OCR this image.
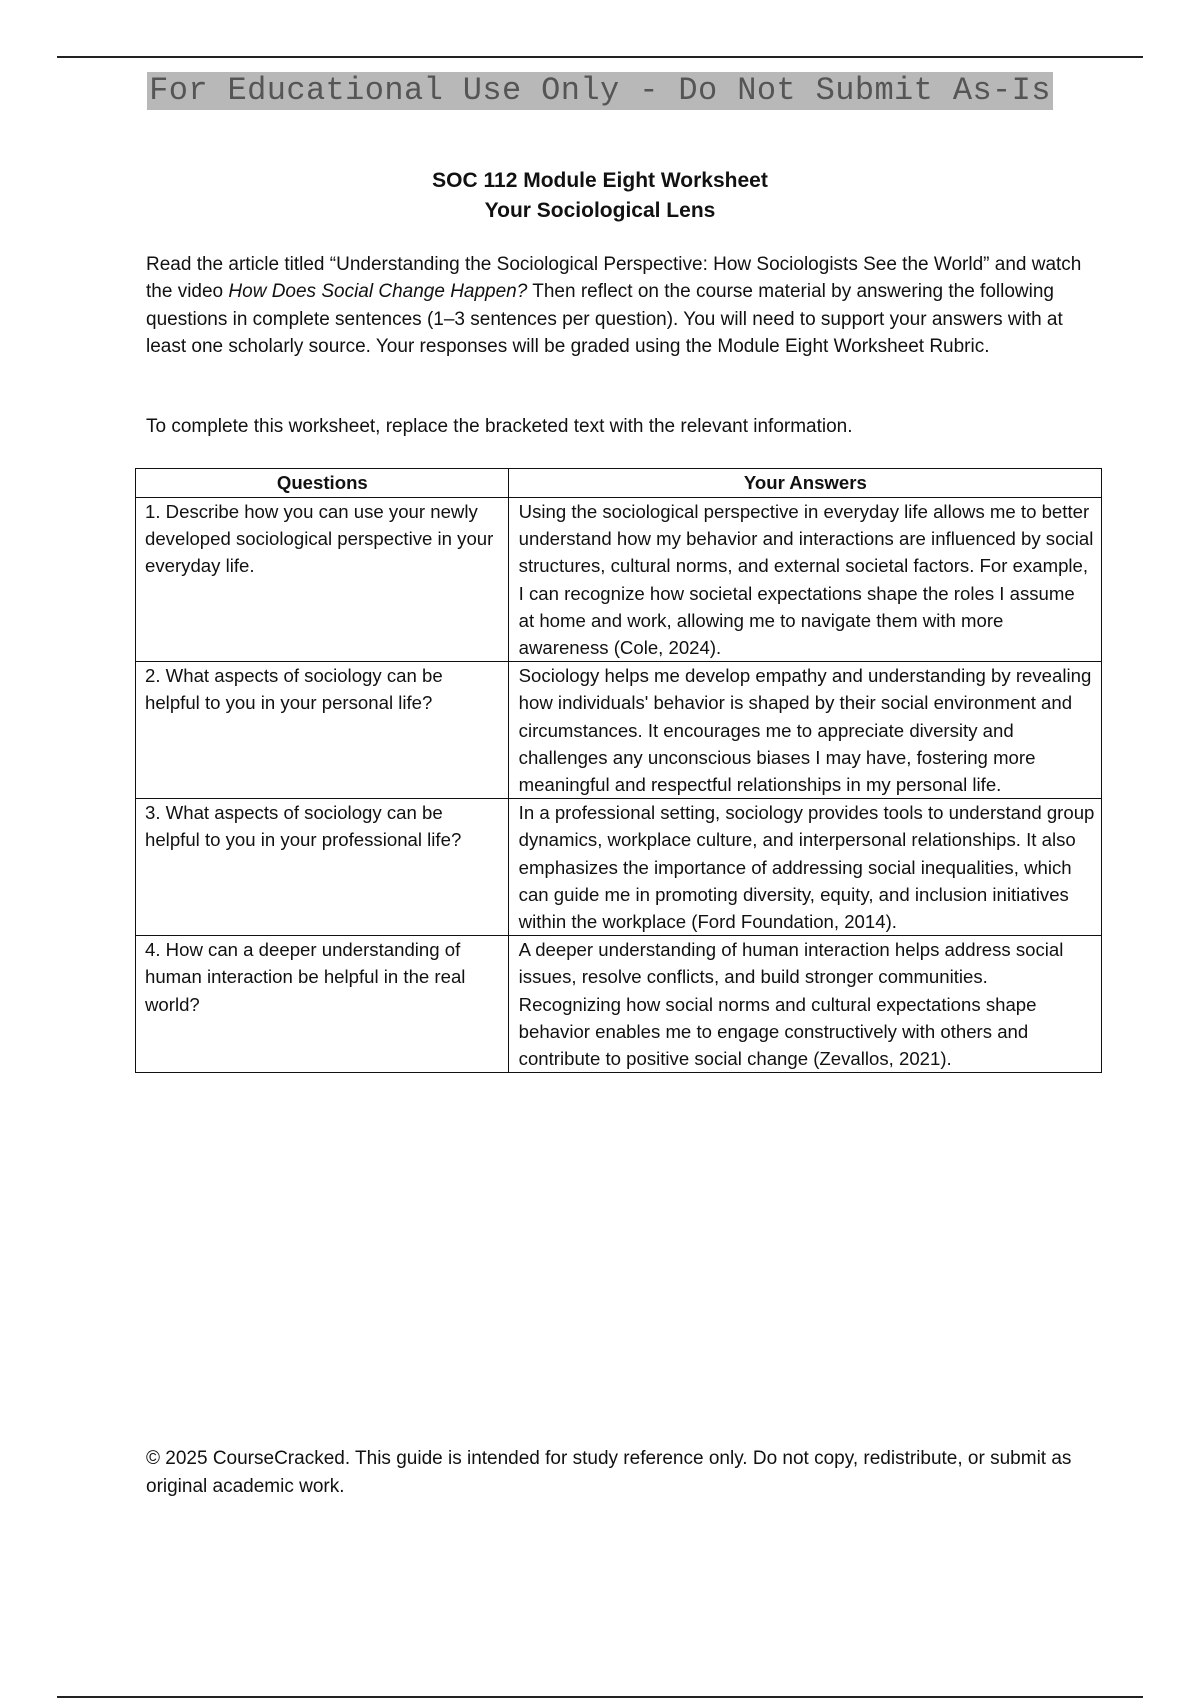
For Educational Use Only - Do Not Submit As-Is
SOC 112 Module Eight Worksheet
Your Sociological Lens

Read the article titled “Understanding the Sociological Perspective: How Sociologists See the World” and watch the video How Does Social Change Happen? Then reflect on the course material by answering the following questions in complete sentences (1–3 sentences per question). You will need to support your answers with at least one scholarly source. Your responses will be graded using the Module Eight Worksheet Rubric.

To complete this worksheet, replace the bracketed text with the relevant information.

Questions	Your Answers
1. Describe how you can use your newly developed sociological perspective in your everyday life.	Using the sociological perspective in everyday life allows me to better understand how my behavior and interactions are influenced by social structures, cultural norms, and external societal factors. For example, I can recognize how societal expectations shape the roles I assume at home and work, allowing me to navigate them with more awareness (Cole, 2024).
2. What aspects of sociology can be helpful to you in your personal life?	Sociology helps me develop empathy and understanding by revealing how individuals' behavior is shaped by their social environment and circumstances. It encourages me to appreciate diversity and challenges any unconscious biases I may have, fostering more meaningful and respectful relationships in my personal life.
3. What aspects of sociology can be helpful to you in your professional life?	In a professional setting, sociology provides tools to understand group dynamics, workplace culture, and interpersonal relationships. It also emphasizes the importance of addressing social inequalities, which can guide me in promoting diversity, equity, and inclusion initiatives within the workplace (Ford Foundation, 2014).
4. How can a deeper understanding of human interaction be helpful in the real world?	A deeper understanding of human interaction helps address social issues, resolve conflicts, and build stronger communities. Recognizing how social norms and cultural expectations shape behavior enables me to engage constructively with others and contribute to positive social change (Zevallos, 2021).

© 2025 CourseCracked. This guide is intended for study reference only. Do not copy, redistribute, or submit as original academic work.
